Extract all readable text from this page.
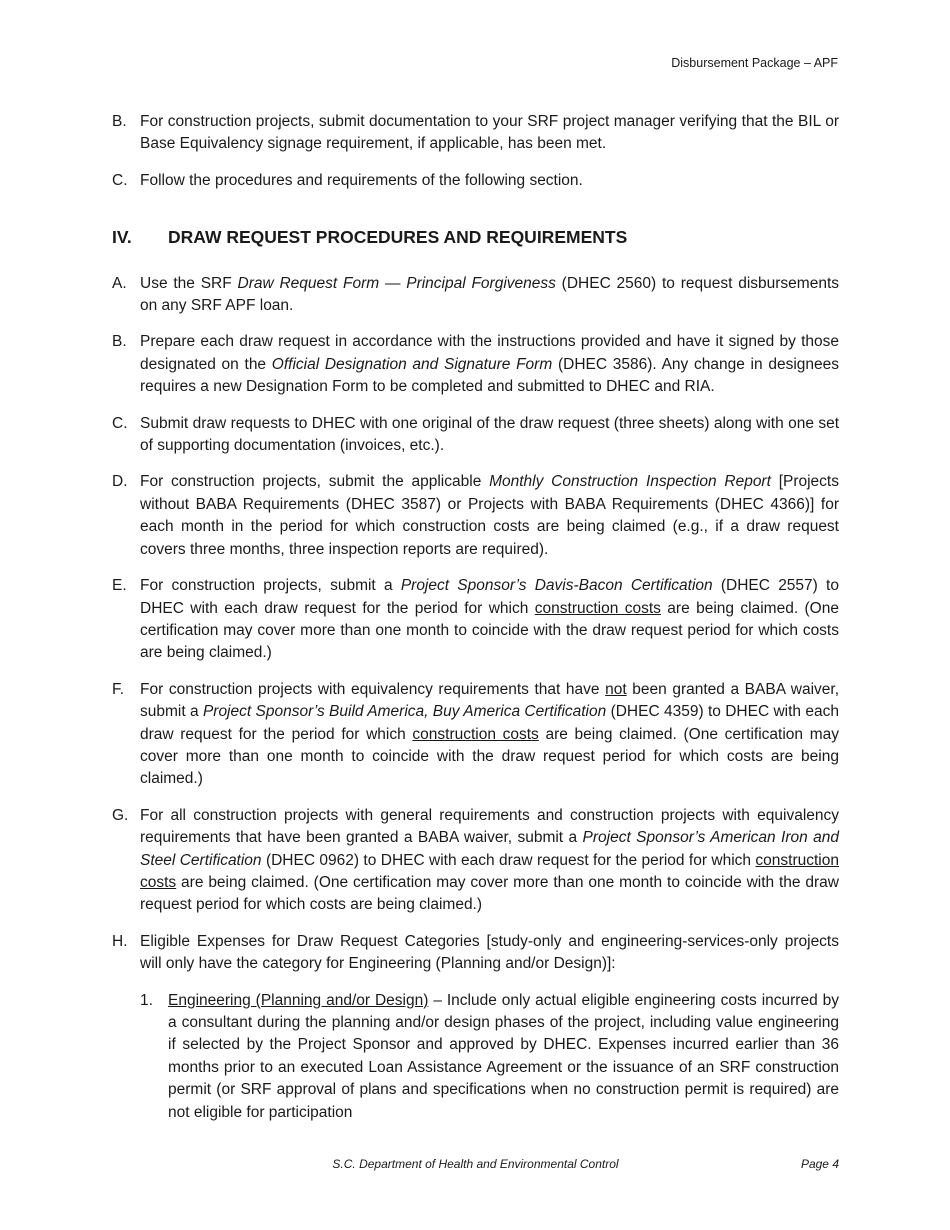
Disbursement Package – APF
B. For construction projects, submit documentation to your SRF project manager verifying that the BIL or Base Equivalency signage requirement, if applicable, has been met.
C. Follow the procedures and requirements of the following section.
IV.	DRAW REQUEST PROCEDURES AND REQUIREMENTS
A. Use the SRF Draw Request Form — Principal Forgiveness (DHEC 2560) to request disbursements on any SRF APF loan.
B. Prepare each draw request in accordance with the instructions provided and have it signed by those designated on the Official Designation and Signature Form (DHEC 3586). Any change in designees requires a new Designation Form to be completed and submitted to DHEC and RIA.
C. Submit draw requests to DHEC with one original of the draw request (three sheets) along with one set of supporting documentation (invoices, etc.).
D. For construction projects, submit the applicable Monthly Construction Inspection Report [Projects without BABA Requirements (DHEC 3587) or Projects with BABA Requirements (DHEC 4366)] for each month in the period for which construction costs are being claimed (e.g., if a draw request covers three months, three inspection reports are required).
E. For construction projects, submit a Project Sponsor’s Davis-Bacon Certification (DHEC 2557) to DHEC with each draw request for the period for which construction costs are being claimed. (One certification may cover more than one month to coincide with the draw request period for which costs are being claimed.)
F. For construction projects with equivalency requirements that have not been granted a BABA waiver, submit a Project Sponsor’s Build America, Buy America Certification (DHEC 4359) to DHEC with each draw request for the period for which construction costs are being claimed. (One certification may cover more than one month to coincide with the draw request period for which costs are being claimed.)
G. For all construction projects with general requirements and construction projects with equivalency requirements that have been granted a BABA waiver, submit a Project Sponsor’s American Iron and Steel Certification (DHEC 0962) to DHEC with each draw request for the period for which construction costs are being claimed. (One certification may cover more than one month to coincide with the draw request period for which costs are being claimed.)
H. Eligible Expenses for Draw Request Categories [study-only and engineering-services-only projects will only have the category for Engineering (Planning and/or Design)]:
1. Engineering (Planning and/or Design) – Include only actual eligible engineering costs incurred by a consultant during the planning and/or design phases of the project, including value engineering if selected by the Project Sponsor and approved by DHEC. Expenses incurred earlier than 36 months prior to an executed Loan Assistance Agreement or the issuance of an SRF construction permit (or SRF approval of plans and specifications when no construction permit is required) are not eligible for participation
S.C. Department of Health and Environmental Control	Page 4
